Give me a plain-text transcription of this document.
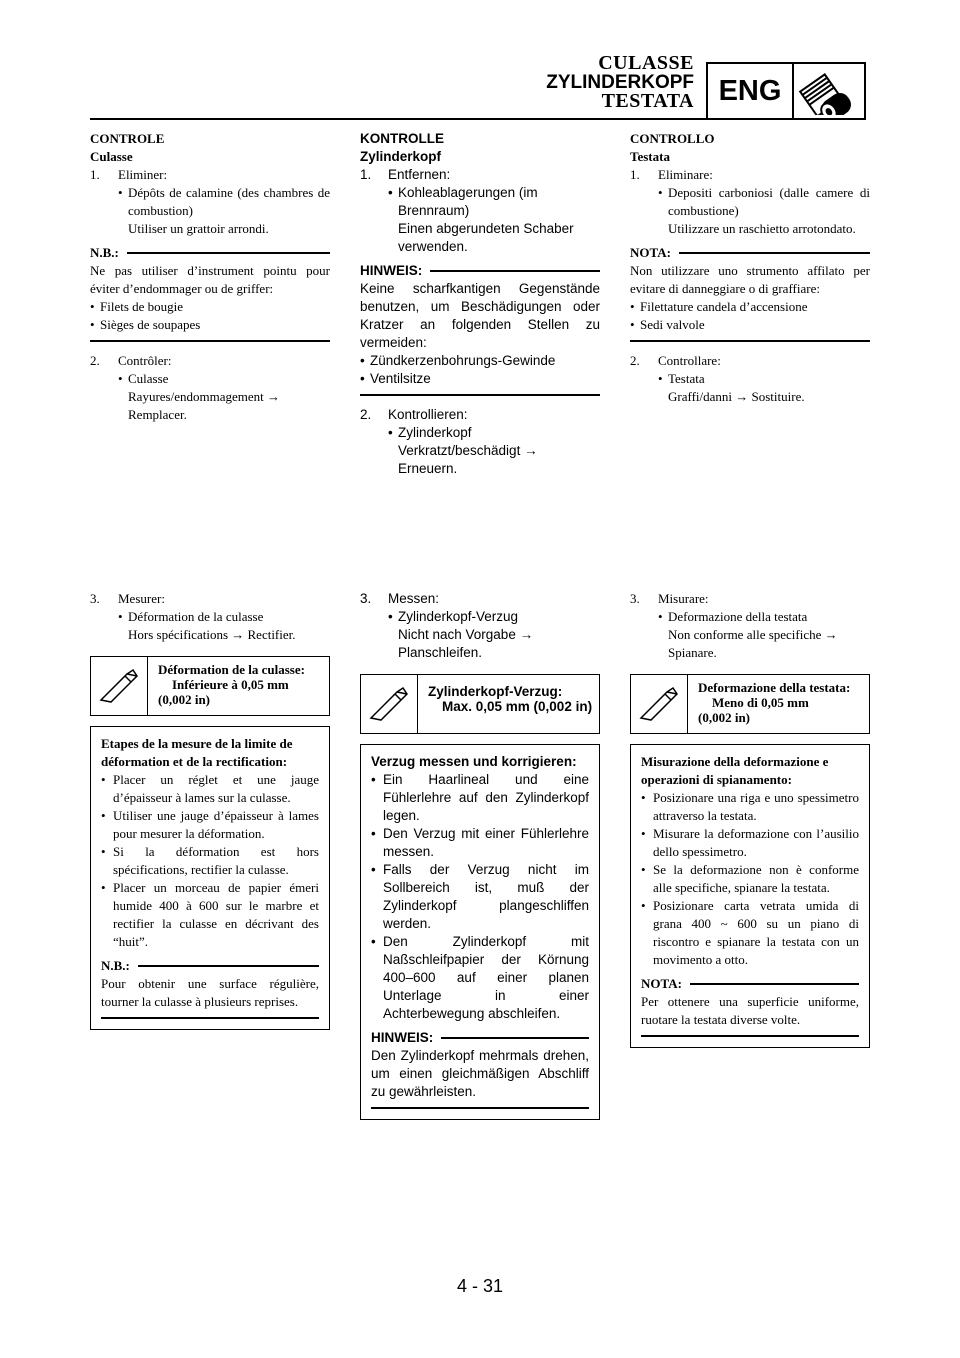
CULASSE
ZYLINDERKOPF
TESTATA ENG
CONTROLE
Culasse
1. Eliminer:
• Dépôts de calamine (des chambres de combustion)
Utiliser un grattoir arrondi.
N.B.:
Ne pas utiliser d’instrument pointu pour éviter d’endommager ou de griffer:
• Filets de bougie
• Sièges de soupapes
2. Contrôler:
• Culasse
Rayures/endommagement → Remplacer.
KONTROLLE
Zylinderkopf
1. Entfernen:
• Kohleablagerungen (im Brennraum)
Einen abgerundeten Schaber verwenden.
HINWEIS:
Keine scharfkantigen Gegenstände benutzen, um Beschädigungen oder Kratzer an folgenden Stellen zu vermeiden:
• Zündkerzenbohrungs-Gewinde
• Ventilsitze
2. Kontrollieren:
• Zylinderkopf
Verkratzt/beschädigt → Erneuern.
CONTROLLO
Testata
1. Eliminare:
• Depositi carboniosi (dalle camere di combustione)
Utilizzare un raschietto arrotondato.
NOTA:
Non utilizzare uno strumento affilato per evitare di danneggiare o di graffiare:
• Filettature candela d’accensione
• Sedi valvole
2. Controllare:
• Testata
Graffi/danni → Sostituire.
3. Mesurer:
• Déformation de la culasse
Hors spécifications → Rectifier.
Déformation de la culasse:
Inférieure à 0,05 mm
(0,002 in)
Etapes de la mesure de la limite de déformation et de la rectification:
• Placer un réglet et une jauge d’épaisseur à lames sur la culasse.
• Utiliser une jauge d’épaisseur à lames pour mesurer la déformation.
• Si la déformation est hors spécifications, rectifier la culasse.
• Placer un morceau de papier émeri humide 400 à 600 sur le marbre et rectifier la culasse en décrivant des “huit”.
N.B.:
Pour obtenir une surface régulière, tourner la culasse à plusieurs reprises.
3. Messen:
• Zylinderkopf-Verzug
Nicht nach Vorgabe → Planschleifen.
Zylinderkopf-Verzug:
Max. 0,05 mm (0,002 in)
Verzug messen und korrigieren:
• Ein Haarlineal und eine Fühlerlehre auf den Zylinderkopf legen.
• Den Verzug mit einer Fühlerlehre messen.
• Falls der Verzug nicht im Sollbereich ist, muß der Zylinderkopf plangeschliffen werden.
• Den Zylinderkopf mit Naßschleifpapier der Körnung 400–600 auf einer planen Unterlage in einer Achterbewegung abschleifen.
HINWEIS:
Den Zylinderkopf mehrmals drehen, um einen gleichmäßigen Abschliff zu gewährleisten.
3. Misurare:
• Deformazione della testata
Non conforme alle specifiche → Spianare.
Deformazione della testata:
Meno di 0,05 mm
(0,002 in)
Misurazione della deformazione e operazioni di spianamento:
• Posizionare una riga e uno spessimetro attraverso la testata.
• Misurare la deformazione con l’ausilio dello spessimetro.
• Se la deformazione non è conforme alle specifiche, spianare la testata.
• Posizionare carta vetrata umida di grana 400 ~ 600 su un piano di riscontro e spianare la testata con un movimento a otto.
NOTA:
Per ottenere una superficie uniforme, ruotare la testata diverse volte.
4 - 31
